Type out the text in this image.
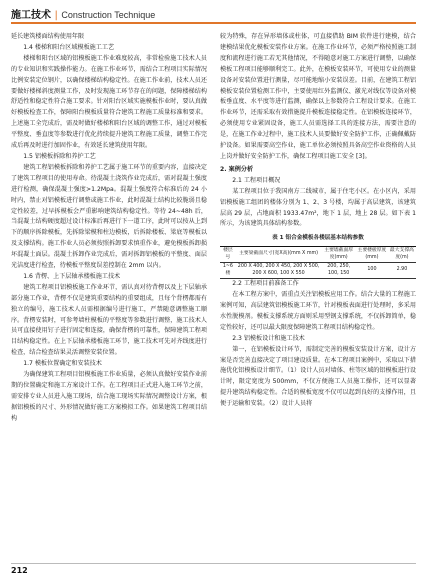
施工技术 | Construction Technique

延长建筑楼面结构使用年限

1.4 楼梯和阳台区域模板施工工艺

楼梯和阳台区域的铝模板施工作业难度较高，非常检验施工技术人员的专业知识和实践操作能力。在施工作业环节，需结合工程项目实际情况比例安装定位钢片，以确保楼梯结构稳定性。在施工作业前，技术人员还要做好楼梯斜度测量工作，及时发现施工环节存在的问题，保障楼梯结构舒适性和稳定性符合施工要求。针对阳台区域实施模板作业时，要认真做好模板检查工作，保障阳台模板质量符合建筑工程施工质量标准和要求。上述施工全完成后，需及时做好楼梯和阳台区域的调整工作，通过对模板平整度、垂直度等参数进行优化持续提升建筑工程施工质量，调整工作完成后再及时进行加固作业，有效延长建筑使用年限。

1.5 铝模板拆除和养护工艺

建筑工程铝模板拆除和养护工艺属于施工环节的重要内容，直接决定了建筑工程项目的使用寿命。待混凝土浇筑作业完成后，需对混凝土强度进行检测，确保混凝土强度>1.2Mpa。混凝土强度符合标准后的 24 小时内，禁止对铝模板进行调整或施工作业，此时混凝土结构比较脆弱且稳定性较差，过早拆模板会严重影响建筑结构稳定性。等待 24~48h 后，当混凝土结构硬度超过设计标准后再进行下一道工序，此时可以按从上到下的顺序拆除模板，先拆除梁模和柱边模板，后拆除楼板、梁底等模板以及支撑结构。施工作业人员必须按照拆卸要求慎重作业，避免模板拆卸损坏混凝土面层。混凝土拆卸作业完成后，需对拆卸铝模板的平整度、面层光洁度进行检查，待模板平整度误差控制在 2mm 以内。

1.6 背楞、上下层轴承楼板施工技术

建筑工程项目铝模板施工作业环节，需认真对待背楞以及上下层轴承部分施工作业，背楞不仅是建筑重要结构的重要组成，且每个背楞都需有独立的编号，施工技术人员需根据编号进行施工，严禁随意调整施工顺序。背楞安装时，可参考墙柱模板的平整度等参数进行调整，施工技术人员可直接使用钉子进行固定和连接，确保背楞的可靠性，保障建筑工程项目结构稳定性。在上下层轴承楼板施工环节，施工技术可先对齐线度进行检查，结合检查结果灵活调整安装位置。

1.7 模板位置确定和安装技术

为确保建筑工程项目铝模板施工作业质量，必须认真做好安装作业前期的位置确定和施工方案设计工作。在工程项目正式进入施工环节之前，需安排专业人员进入施工现场，结合施工现场实际情况调整设计方案，根据铝模板的尺寸、外形情况做好施工方案模拟工作。如果建筑工程项目结构

较为特殊，存在异形墙体或柱体，可直接借助 BIM 软件进行建模，结合建模结果优化模板安装作业方案。在施工作业环节，必须严格按照施工制度和流程进行施工若无其他情况，不得随意对施工方案进行调整，以确保模板工程项目能够顺利完工。此外，在模板安装环节，可使用专业的测量设备对安装位置进行测量，尽可能地缩小安装误差。目前，在建筑工程铝模板安装位置检测工作中，主要使用红外监测仪、激光对线仪等设备对模板垂直度、水平度等进行监测，确保以上参数符合工程设计要求。在施工作业环节，还需采取有效措施提升模板连接稳定性。在铝模板连接环节，必须使用专业紧固设备，施工人员需选择工具的连接方法，需要注意的是，在施工作业过程中，施工技术人员要做好安全防护工作，正确佩戴防护设备。如果需要高空作业，施工单位必须按照具备高空作业资格的人员上岗并做好安全防护工作，确保工程项目施工安全 [3]。

2. 案例分析

2.1 工程项目概况

某工程项目位于我国南方二线城市，属于住宅小区。在小区内，采用铝模板施工组团的楼体分别为 1、2、3 号楼，均属于高层建筑，该建筑层高 29 层，占地面积 1933.47m²，地下 1 层，地上 28 层。如下表 1 所示，为该建筑具体结构参数。

表 1 铝合金模板各楼层基本结构参数
楼层号	主要梁截面尺寸(宽X高)(mm X mm)	主要墙截面厚度(mm)	主要楼板厚度(mm)	最大支撑高度(m)
1~6 楼	200 X 400, 200 X 450, 200 X 500, 200 X 600, 100 X 550	200, 250, 100, 150	100	2.90

2.2 工程项目前准备工作

在本工程方案中，需重点关注铝模板应用工作。结合大量的工程施工案例可知，高层建筑铝模板施工环节，针对模板表面进行处理时，多采用水性脱模剂。模板支撑系统方面则采用型钢支撑系统，不仅拆卸简单，稳定性较好，还可以最大限度保障建筑工程项目结构稳定性。

2.3 铝模板设计和施工技术

第一，在铝模板设计环节，需制定完善的模板安装设计方案，设计方案是否完善直接决定了项目建设质量。在本工程项目案例中，采取以下措施优化铝模板设计细节。（1）设计人员对墙体、柱等区域的铝模板进行设计时，限定宽度为 500mm，不仅方便施工人员施工操作，还可以显著提升建筑结构稳定性。合适的模板宽度不仅可以起到良好的支撑作用，且便于运输和安装。（2）设计人员将

212
